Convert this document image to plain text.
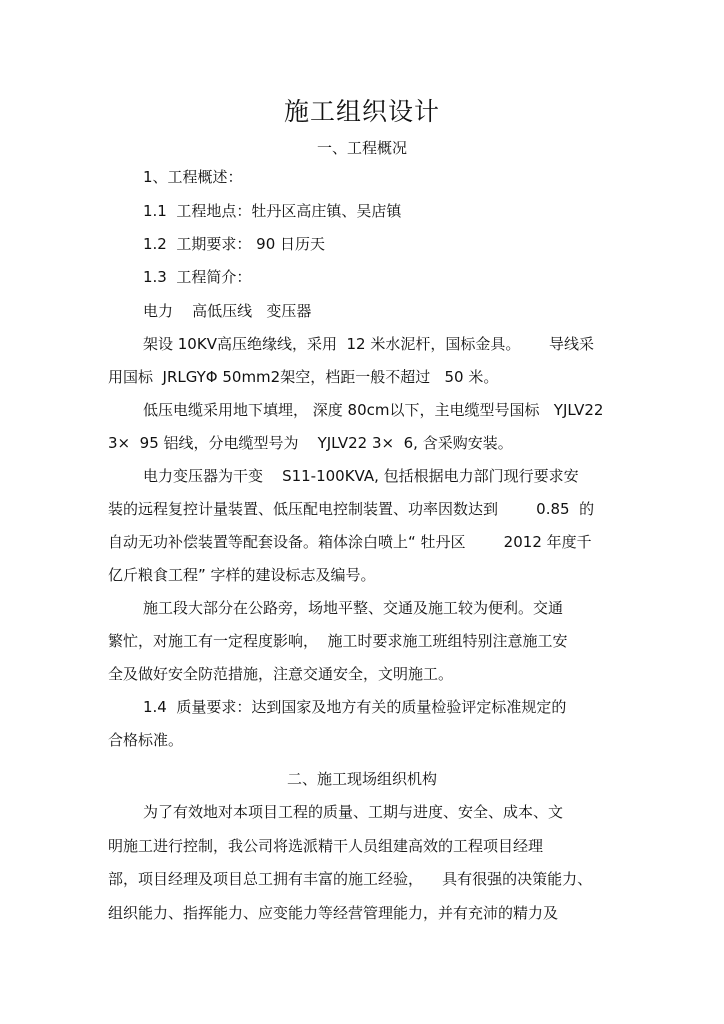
施工组织设计
一、工程概况
1、工程概述：
1.1  工程地点：牡丹区高庄镇、吴店镇
1.2  工期要求： 90 日历天
1.3  工程简介：
电力    高低压线   变压器
架设 10KV高压绝缘线，采用  12 米水泥杆，国标金具。      导线采
用国标  JRLGYΦ 50mm2架空，档距一般不超过   50 米。
低压电缆采用地下填埋， 深度 80cm以下，主电缆型号国标   YJLV22
3×  95 铝线，分电缆型号为    YJLV22 3×  6, 含采购安装。
电力变压器为干变    S11-100KVA, 包括根据电力部门现行要求安
装的远程复控计量装置、低压配电控制装置、功率因数达到        0.85  的
自动无功补偿装置等配套设备。箱体涂白喷上“ 牡丹区        2012 年度千
亿斤粮食工程” 字样的建设标志及编号。
施工段大部分在公路旁，场地平整、交通及施工较为便利。交通
繁忙，对施工有一定程度影响，  施工时要求施工班组特别注意施工安
全及做好安全防范措施，注意交通安全，文明施工。
1.4  质量要求：达到国家及地方有关的质量检验评定标准规定的
合格标准。
二、施工现场组织机构
为了有效地对本项目工程的质量、工期与进度、安全、成本、文
明施工进行控制，我公司将选派精干人员组建高效的工程项目经理
部，项目经理及项目总工拥有丰富的施工经验，    具有很强的决策能力、
组织能力、指挥能力、应变能力等经营管理能力，并有充沛的精力及
